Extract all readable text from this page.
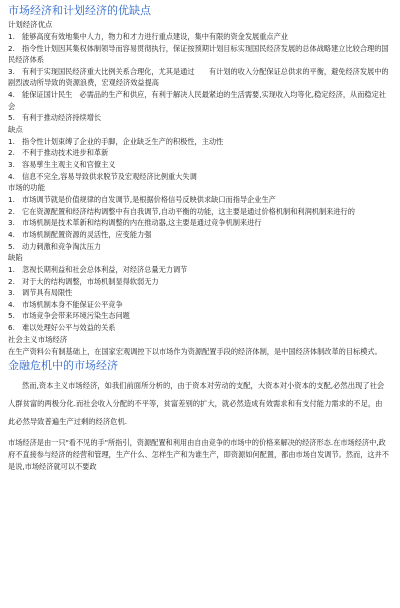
市场经济和计划经济的优缺点
计划经济优点
1. 能够高度有效地集中人力，物力和才力进行重点建设，集中有限的资金发展重点产业
2. 指令性计划因其集权体制领导而容易贯彻执行，保证按预期计划目标实现国民经济发展的总体战略建立比较合理的国民经济体系
3. 有利于实现国民经济重大比例关系合理化，尤其是通过　　有计划的收入分配保证总供求的平衡，避免经济发展中的剧烈波动所导致的资源浪费，宏观经济效益提高
4. 能保证国计民生　必需品的生产和供应，有利于解决人民最紧迫的生活需要,实现收入均等化,稳定经济，从而稳定社会
5. 有利于推动经济持续增长
缺点
1. 指令性计划束缚了企业的手脚，企业缺乏生产的积极性，主动性
2. 不利于推动技术进步和革新
3. 容易孳生主观主义和官僚主义
4. 信息不完全,容易导致供求脱节及宏观经济比例重大失调
市场的功能
1. 市场调节就是价值规律的自发调节,是根据价格信号反映供求缺口而指导企业生产
2. 它在资源配置和经济结构调整中有自我调节,自动平衡的功能，这主要是通过价格机制和利润机制来进行的
3. 市场机制是技术革新和结构调整的内在推动器,这主要是通过竞争机制来进行
4. 市场机制配置资源的灵活性，应变能力强
5. 动力刺激和竞争淘汰压力
缺陷
1. 忽视长期利益和社会总体利益，对经济总量无力调节
2. 对于大的结构调整，市场机制显得软弱无力
3. 调节具有局限性
4. 市场机制本身不能保证公平竞争
5. 市场竞争会带来环境污染生态问题
6. 难以处理好公平与效益的关系
社会主义市场经济
在生产资料公有制基础上，在国家宏观调控下以市场作为资源配置手段的经济体制，是中国经济体制改革的目标模式。
金融危机中的市场经济
然而,资本主义市场经济，如我们前面所分析的，由于资本对劳动的支配，大资本对小资本的支配,必然出现了社会人群贫富的两极分化.而社会收入分配的不平等，贫富差别的扩大，就必然造成有效需求和有支付能力需求的不足，由此必然导致普遍生产过剩的经济危机.
市场经济是由一只"看不见的手"所指引，资源配置和利用由自由竞争的市场中的价格来解决的经济形态.在市场经济中,政府不直接参与经济的经营和管理，生产什么、怎样生产和为谁生产，即资源如何配置，都由市场自发调节。然而，这并不是说,市场经济就可以不要政
